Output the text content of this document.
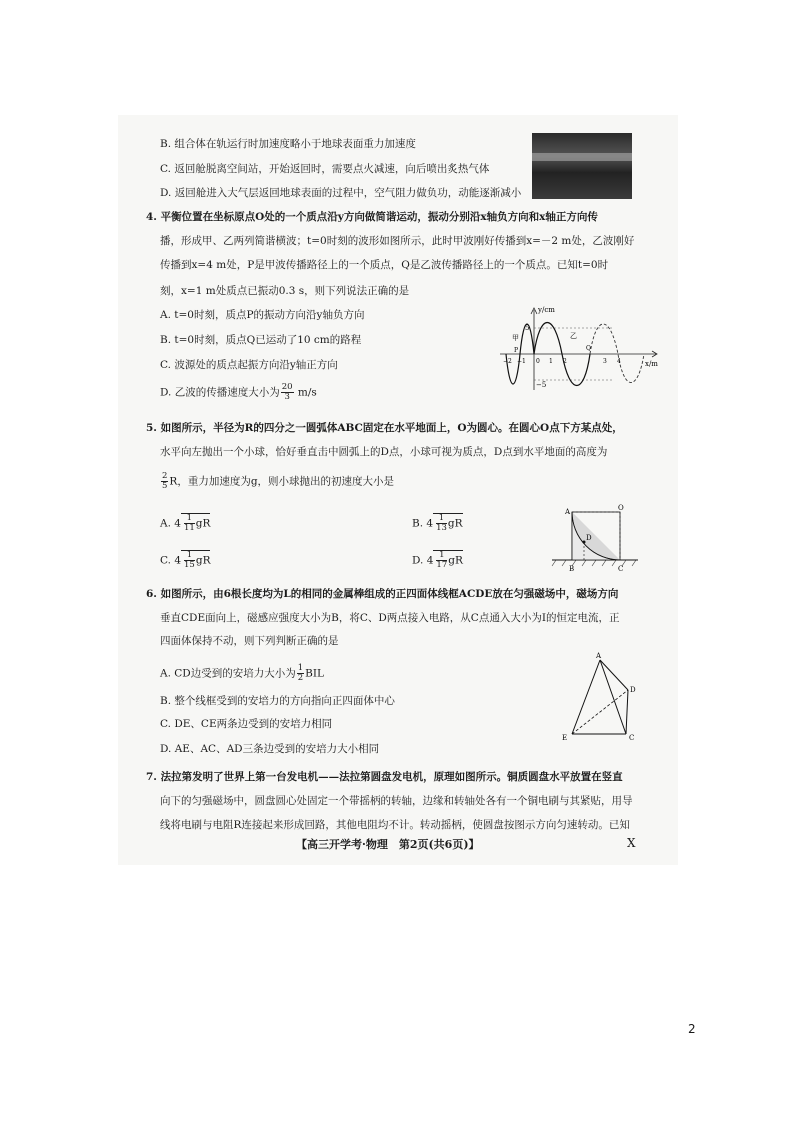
B. 组合体在轨运行时加速度略小于地球表面重力加速度
C. 返回舱脱离空间站，开始返回时，需要点火减速，向后喷出炙热气体
D. 返回舱进入大气层返回地球表面的过程中，空气阻力做负功，动能逐渐减小
4. 平衡位置在坐标原点O处的一个质点沿y方向做简谐运动，振动分别沿x轴负方向和x轴正方向传
播，形成甲、乙两列简谐横波；t=0时刻的波形如图所示，此时甲波刚好传播到x=－2 m处，乙波刚好
传播到x=4 m处，P是甲波传播路径上的一个质点，Q是乙波传播路径上的一个质点。已知t=0时
刻，x=1 m处质点已振动0.3 s，则下列说法正确的是
A. t=0时刻，质点P的振动方向沿y轴负方向
B. t=0时刻，质点Q已运动了10 cm的路程
C. 波源处的质点起振方向沿y轴正方向
D. 乙波的传播速度大小为 $\frac{20}{3} m/s$
y/cm
x/m
5
−5
甲	乙
P	Q
−2 −1 0 1 2	3 4
5. 如图所示，半径为R的四分之一圆弧体ABC固定在水平地面上，O为圆心。在圆心O点下方某点处，
水平向左抛出一个小球，恰好垂直击中圆弧上的D点，小球可视为质点，D点到水平地面的高度为
$\frac{2}{5}$ R，重力加速度为g，则小球抛出的初速度大小是
A. $4 \frac{1}{11}$ gR	B. $4 \frac{1}{13}$ gR
C. $4 \frac{1}{15}$ gR	D. $4 \frac{1}{17}$ gR
A	O
D
B	C
6. 如图所示，由6根长度均为L的相同的金属棒组成的正四面体线框ACDE放在匀强磁场中，磁场方向
垂直CDE面向上，磁感应强度大小为B，将C、D两点接入电路，从C点通入大小为I的恒定电流，正
四面体保持不动，则下列判断正确的是
A. CD边受到的安培力大小为 $\frac{1}{2}$ BIL
B. 整个线框受到的安培力的方向指向正四面体中心
C. DE、CE两条边受到的安培力相同
D. AE、AC、AD三条边受到的安培力大小相同
A
D
E	C
7. 法拉第发明了世界上第一台发电机——法拉第圆盘发电机，原理如图所示。铜质圆盘水平放置在竖直
向下的匀强磁场中，圆盘圆心处固定一个带摇柄的转轴，边缘和转轴处各有一个铜电刷与其紧贴，用导
线将电刷与电阻R连接起来形成回路，其他电阻均不计。转动摇柄，使圆盘按图示方向匀速转动。已知
【高三开学考·物理　第2页(共6页)】	X
2
